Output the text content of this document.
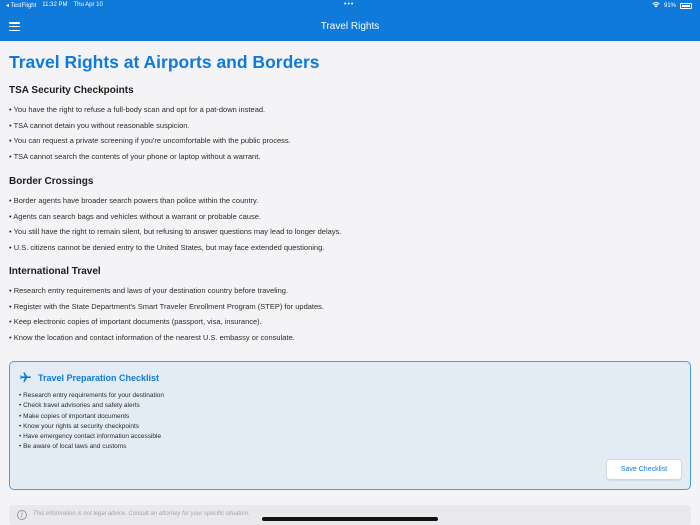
◂ TestFlight 11:32 PM Thu Apr 10	•••	91%
Travel Rights
Travel Rights at Airports and Borders
TSA Security Checkpoints
• You have the right to refuse a full-body scan and opt for a pat-down instead.
• TSA cannot detain you without reasonable suspicion.
• You can request a private screening if you're uncomfortable with the public process.
• TSA cannot search the contents of your phone or laptop without a warrant.
Border Crossings
• Border agents have broader search powers than police within the country.
• Agents can search bags and vehicles without a warrant or probable cause.
• You still have the right to remain silent, but refusing to answer questions may lead to longer delays.
• U.S. citizens cannot be denied entry to the United States, but may face extended questioning.
International Travel
• Research entry requirements and laws of your destination country before traveling.
• Register with the State Department's Smart Traveler Enrollment Program (STEP) for updates.
• Keep electronic copies of important documents (passport, visa, insurance).
• Know the location and contact information of the nearest U.S. embassy or consulate.
Travel Preparation Checklist
• Research entry requirements for your destination
• Check travel advisories and safety alerts
• Make copies of important documents
• Know your rights at security checkpoints
• Have emergency contact information accessible
• Be aware of local laws and customs
Save Checklist
i	This information is not legal advice. Consult an attorney for your specific situation.
